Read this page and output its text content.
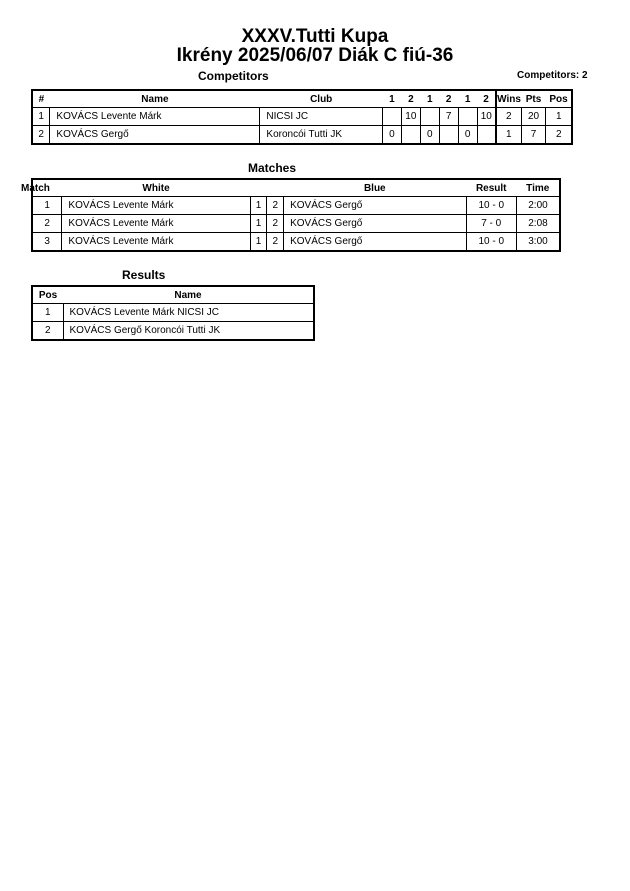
XXXV.Tutti Kupa
Ikrény 2025/06/07 Diák C fiú-36
Competitors	Competitors: 2
#	Name	Club	1	2	1	2	1	2	Wins	Pts	Pos
1	KOVÁCS Levente Márk	NICSI JC		10		7		10	2	20	1
2	KOVÁCS Gergő	Koroncói Tutti JK	0		0		0		1	7	2
Matches
Match	White			Blue	Result	Time
1	KOVÁCS Levente Márk	1	2	KOVÁCS Gergő	10 - 0	2:00
2	KOVÁCS Levente Márk	1	2	KOVÁCS Gergő	7 - 0	2:08
3	KOVÁCS Levente Márk	1	2	KOVÁCS Gergő	10 - 0	3:00
Results
Pos	Name
1	KOVÁCS Levente Márk NICSI JC
2	KOVÁCS Gergő Koroncói Tutti JK
